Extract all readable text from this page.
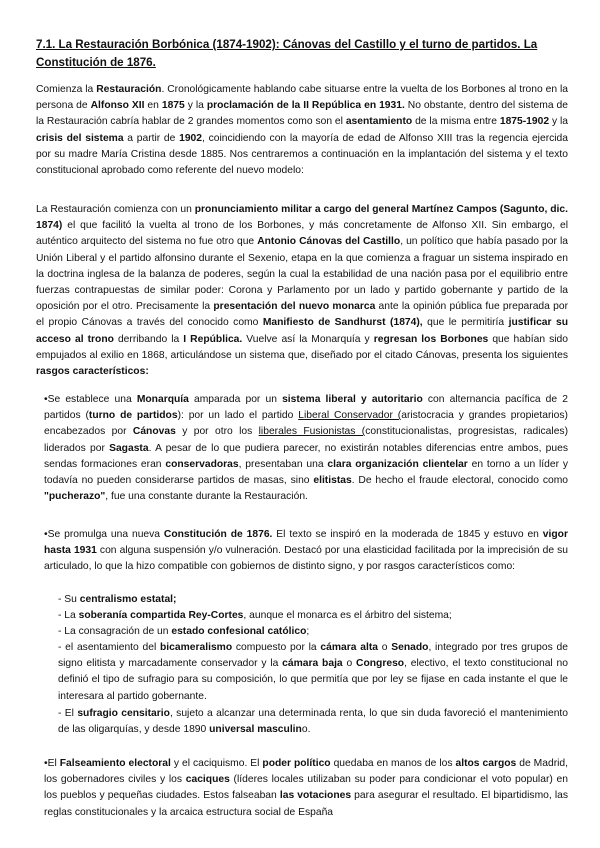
7.1. La Restauración Borbónica (1874-1902): Cánovas del Castillo y el turno de partidos. La Constitución de 1876.

Comienza la Restauración. Cronológicamente hablando cabe situarse entre la vuelta de los Borbones al trono en la persona de Alfonso XII en 1875 y la proclamación de la II República en 1931. No obstante, dentro del sistema de la Restauración cabría hablar de 2 grandes momentos como son el asentamiento de la misma entre 1875-1902 y la crisis del sistema a partir de 1902, coincidiendo con la mayoría de edad de Alfonso XIII tras la regencia ejercida por su madre María Cristina desde 1885. Nos centraremos a continuación en la implantación del sistema y el texto constitucional aprobado como referente del nuevo modelo:

La Restauración comienza con un pronunciamiento militar a cargo del general Martínez Campos (Sagunto, dic. 1874) el que facilitó la vuelta al trono de los Borbones, y más concretamente de Alfonso XII. Sin embargo, el auténtico arquitecto del sistema no fue otro que Antonio Cánovas del Castillo, un político que había pasado por la Unión Liberal y el partido alfonsino durante el Sexenio, etapa en la que comienza a fraguar un sistema inspirado en la doctrina inglesa de la balanza de poderes, según la cual la estabilidad de una nación pasa por el equilibrio entre fuerzas contrapuestas de similar poder: Corona y Parlamento por un lado y partido gobernante y partido de la oposición por el otro. Precisamente la presentación del nuevo monarca ante la opinión pública fue preparada por el propio Cánovas a través del conocido como Manifiesto de Sandhurst (1874), que le permitiría justificar su acceso al trono derribando la I República. Vuelve así la Monarquía y regresan los Borbones que habían sido empujados al exilio en 1868, articulándose un sistema que, diseñado por el citado Cánovas, presenta los siguientes rasgos característicos:

•Se establece una Monarquía amparada por un sistema liberal y autoritario con alternancia pacífica de 2 partidos (turno de partidos): por un lado el partido Liberal Conservador (aristocracia y grandes propietarios) encabezados por Cánovas y por otro los liberales Fusionistas (constitucionalistas, progresistas, radicales) liderados por Sagasta. A pesar de lo que pudiera parecer, no existirán notables diferencias entre ambos, pues sendas formaciones eran conservadoras, presentaban una clara organización clientelar en torno a un líder y todavía no pueden considerarse partidos de masas, sino elitistas. De hecho el fraude electoral, conocido como "pucherazo", fue una constante durante la Restauración.

•Se promulga una nueva Constitución de 1876. El texto se inspiró en la moderada de 1845 y estuvo en vigor hasta 1931 con alguna suspensión y/o vulneración. Destacó por una elasticidad facilitada por la imprecisión de su articulado, lo que la hizo compatible con gobiernos de distinto signo, y por rasgos característicos como:

- Su centralismo estatal;

- La soberanía compartida Rey-Cortes, aunque el monarca es el árbitro del sistema;

- La consagración de un estado confesional católico;

- el asentamiento del bicameralismo compuesto por la cámara alta o Senado, integrado por tres grupos de signo elitista y marcadamente conservador y la cámara baja o Congreso, electivo, el texto constitucional no definió el tipo de sufragio para su composición, lo que permitía que por ley se fijase en cada instante el que le interesara al partido gobernante.

- El sufragio censitario, sujeto a alcanzar una determinada renta, lo que sin duda favoreció el mantenimiento de las oligarquías, y desde 1890 universal masculino.

•El Falseamiento electoral y el caciquismo. El poder político quedaba en manos de los altos cargos de Madrid, los gobernadores civiles y los caciques (líderes locales utilizaban su poder para condicionar el voto popular) en los pueblos y pequeñas ciudades. Estos falseaban las votaciones para asegurar el resultado. El bipartidismo, las reglas constitucionales y la arcaica estructura social de España
